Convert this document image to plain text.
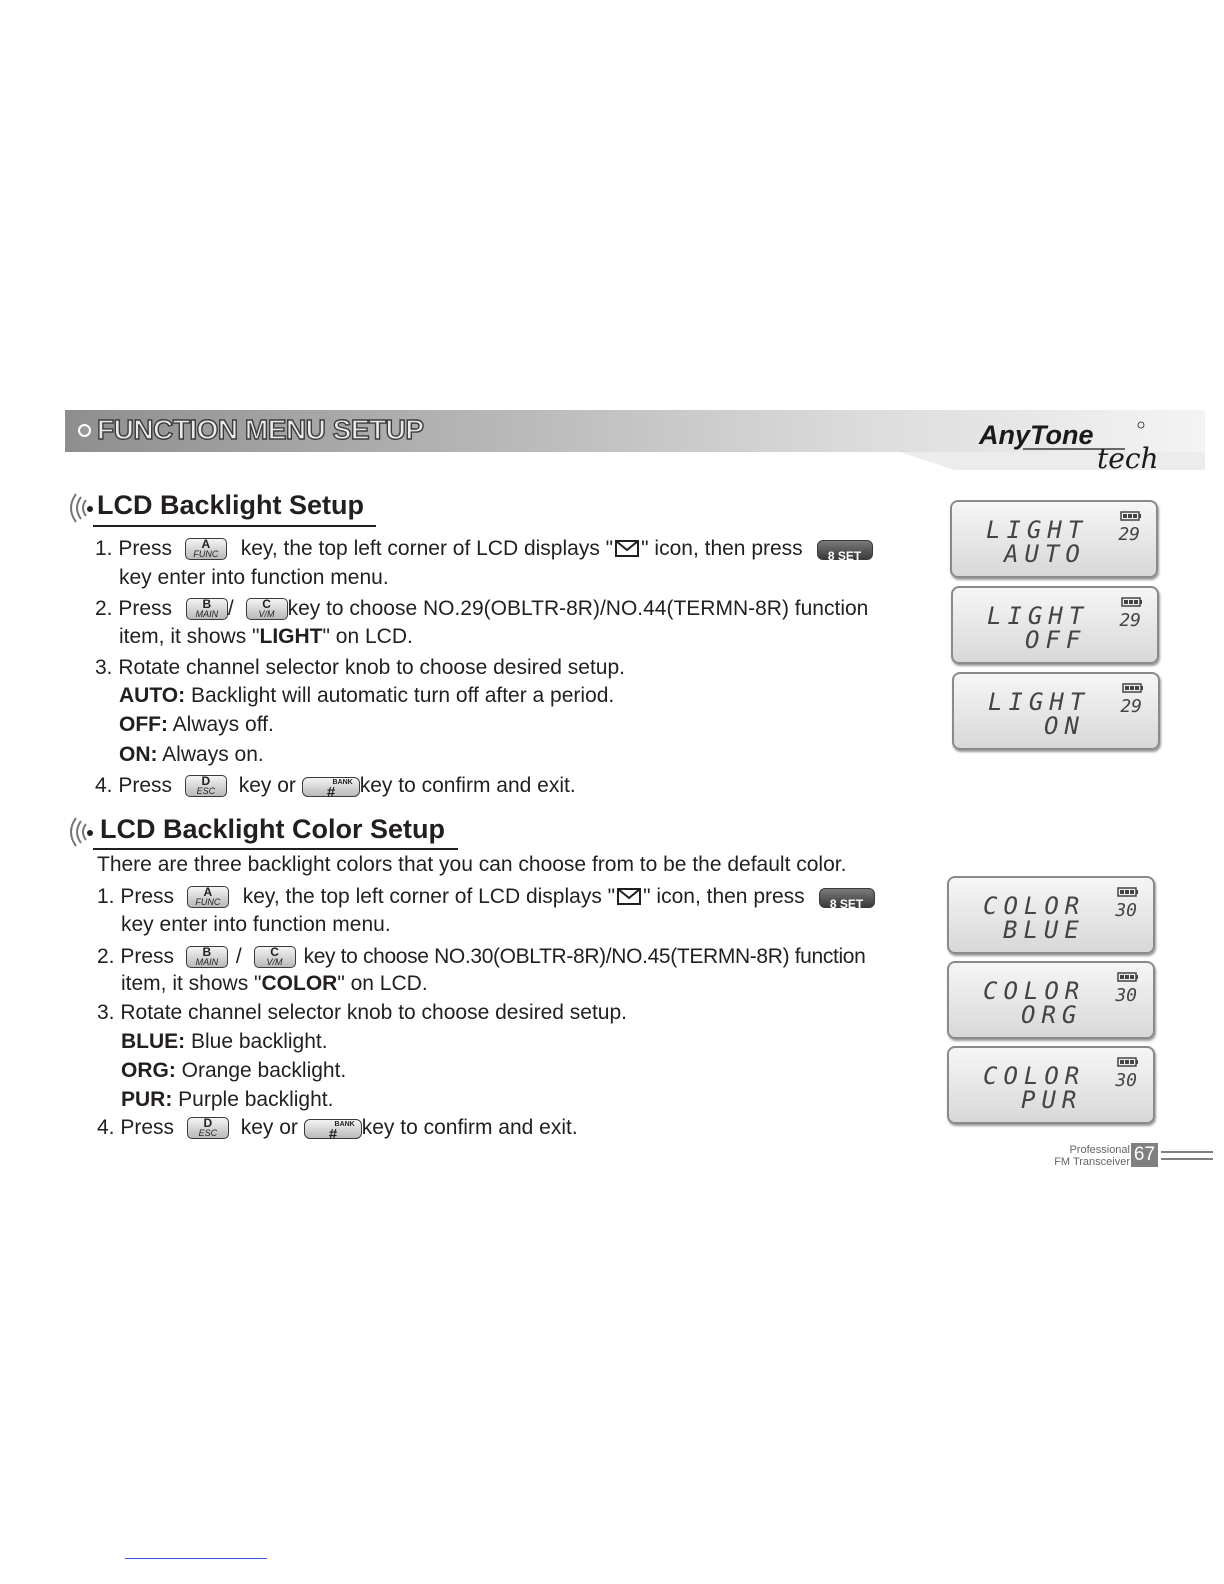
FUNCTION MENU SETUP	AnyTone
tech
LCD Backlight Setup
1. Press	A
FUNC	key, the top left corner of LCD displays " " icon, then press 8 SET
key enter into function menu.
2. Press	B
MAIN /	C
V/M key to choose NO.29(OBLTR-8R)/NO.44(TERMN-8R) function
item, it shows "LIGHT" on LCD.
3. Rotate channel selector knob to choose desired setup.
AUTO: Backlight will automatic turn off after a period.
OFF: Always off.
ON: Always on.
4. Press	D
ESC	key or #
BANK key to confirm and exit.
LIGHT
AUTO
29
LIGHT
OFF
29
LIGHT
ON
29
LCD Backlight Color Setup
There are three backlight colors that you can choose from to be the default color.
1. Press	A
FUNC	key, the top left corner of LCD displays " " icon, then press 8 SET
key enter into function menu.
2. Press	B
MAIN /	C
V/M	key to choose NO.30(OBLTR-8R)/NO.45(TERMN-8R) function
item, it shows "COLOR" on LCD.
3. Rotate channel selector knob to choose desired setup.
BLUE: Blue backlight.
ORG: Orange backlight.
PUR: Purple backlight.
4. Press	D
ESC	key or #
BANK key to confirm and exit.
COLOR
BLUE
30
COLOR
ORG
30
COLOR
PUR
30
Professional
FM Transceiver 67
